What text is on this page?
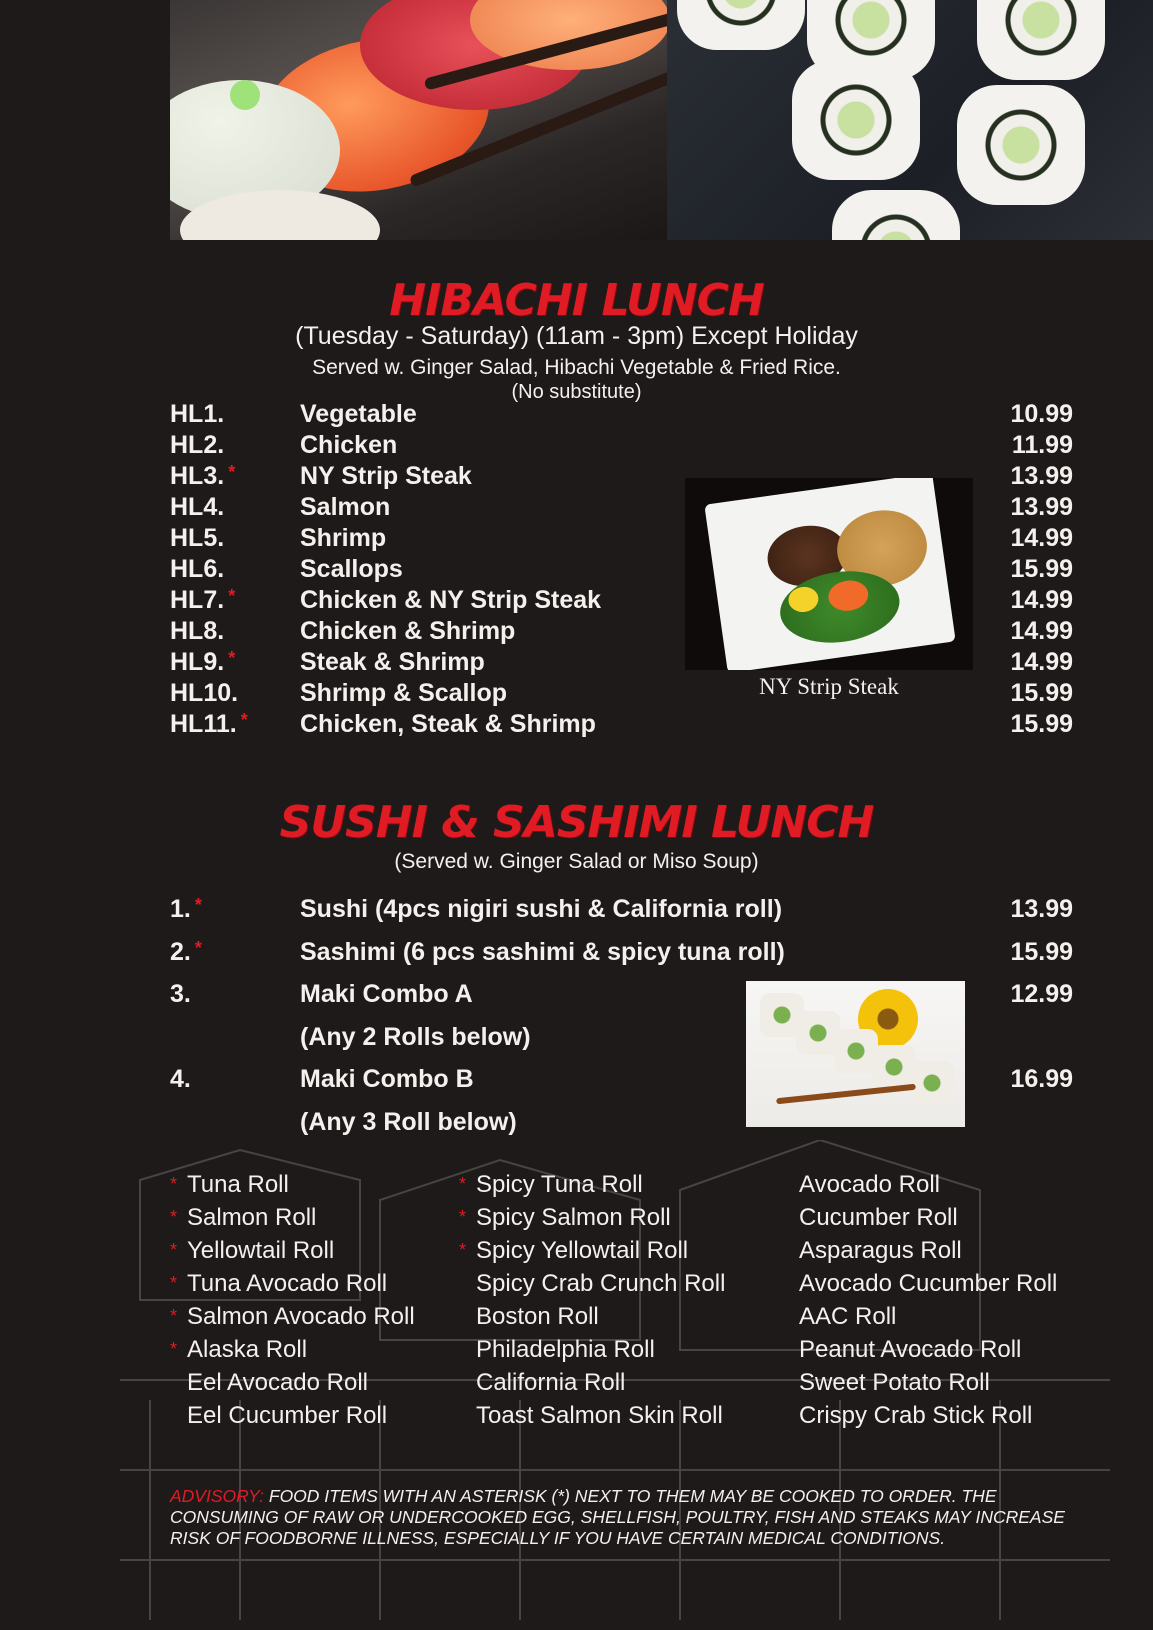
HIBACHI LUNCH
(Tuesday - Saturday) (11am - 3pm) Except Holiday
Served w. Ginger Salad, Hibachi Vegetable & Fried Rice.
(No substitute)
HL1.	Vegetable	10.99
HL2.	Chicken	11.99
HL3. *	NY Strip Steak	13.99
HL4.	Salmon	13.99
HL5.	Shrimp	14.99
HL6.	Scallops	15.99
HL7. *	Chicken & NY Strip Steak	14.99
HL8.	Chicken & Shrimp	14.99
HL9. *	Steak & Shrimp	14.99
HL10. Shrimp & Scallop	15.99
HL11. * Chicken, Steak & Shrimp	15.99
NY Strip Steak
SUSHI & SASHIMI LUNCH
(Served w. Ginger Salad or Miso Soup)
1. *	Sushi (4pcs nigiri sushi & California roll)	13.99
2. *	Sashimi (6 pcs sashimi & spicy tuna roll)	15.99
3.	Maki Combo A	12.99
(Any 2 Rolls below)
4.	Maki Combo B	16.99
(Any 3 Roll below)
* Tuna Roll
* Salmon Roll
* Yellowtail Roll
* Tuna Avocado Roll
* Salmon Avocado Roll
* Alaska Roll
Eel Avocado Roll
Eel Cucumber Roll
* Spicy Tuna Roll
* Spicy Salmon Roll
* Spicy Yellowtail Roll
Spicy Crab Crunch Roll
Boston Roll
Philadelphia Roll
California Roll
Toast Salmon Skin Roll
Avocado Roll
Cucumber Roll
Asparagus Roll
Avocado Cucumber Roll
AAC Roll
Peanut Avocado Roll
Sweet Potato Roll
Crispy Crab Stick Roll
ADVISORY: FOOD ITEMS WITH AN ASTERISK (*) NEXT TO THEM MAY BE COOKED TO ORDER. THE CONSUMING OF RAW OR UNDERCOOKED EGG, SHELLFISH, POULTRY, FISH AND STEAKS MAY INCREASE RISK OF FOODBORNE ILLNESS, ESPECIALLY IF YOU HAVE CERTAIN MEDICAL CONDITIONS.
